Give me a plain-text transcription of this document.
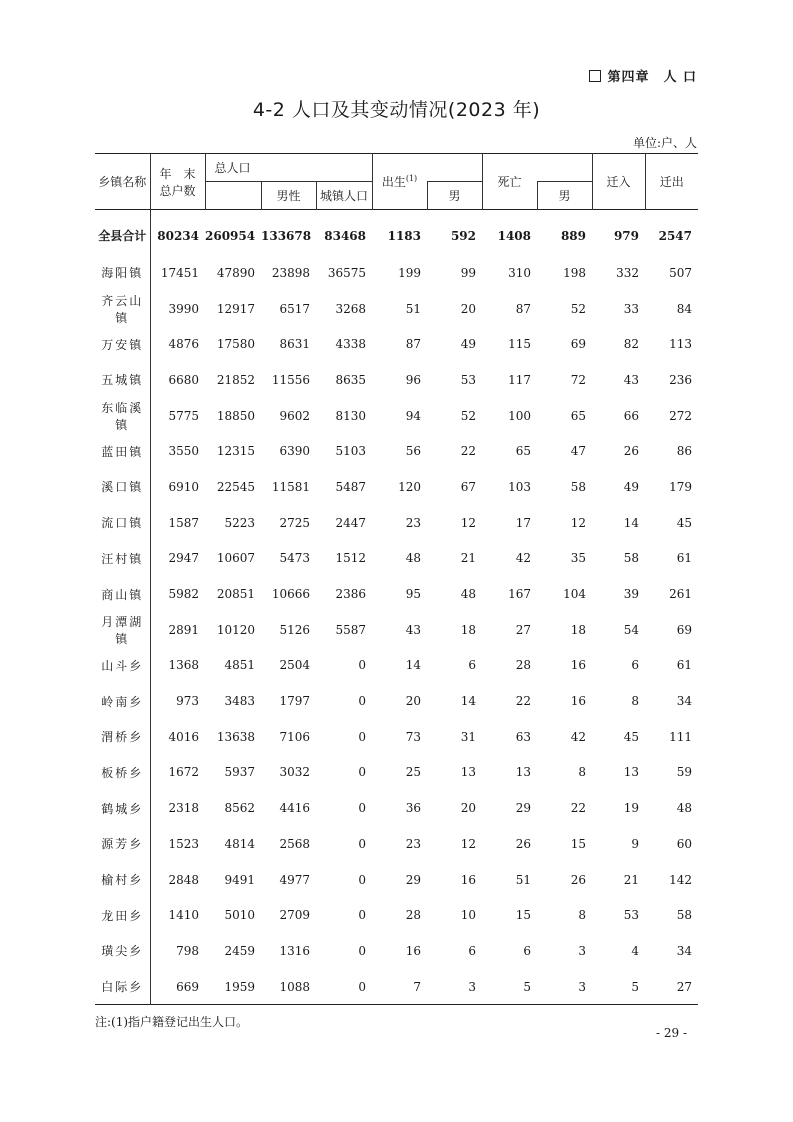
第四章　人 口
4-2 人口及其变动情况(2023 年)
单位:户、人
乡镇名称	年　末
总户数	总人口			出生$^{(1)}$		死亡		迁入	迁出
			男性	城镇人口		男		男		
全县合计	80234	260954	133678	83468	1183	592	1408	889	979	2547
海阳镇	17451	47890	23898	36575	199	99	310	198	332	507
齐云山镇	3990	12917	6517	3268	51	20	87	52	33	84
万安镇	4876	17580	8631	4338	87	49	115	69	82	113
五城镇	6680	21852	11556	8635	96	53	117	72	43	236
东临溪镇	5775	18850	9602	8130	94	52	100	65	66	272
蓝田镇	3550	12315	6390	5103	56	22	65	47	26	86
溪口镇	6910	22545	11581	5487	120	67	103	58	49	179
流口镇	1587	5223	2725	2447	23	12	17	12	14	45
汪村镇	2947	10607	5473	1512	48	21	42	35	58	61
商山镇	5982	20851	10666	2386	95	48	167	104	39	261
月潭湖镇	2891	10120	5126	5587	43	18	27	18	54	69
山斗乡	1368	4851	2504	0	14	6	28	16	6	61
岭南乡	973	3483	1797	0	20	14	22	16	8	34
渭桥乡	4016	13638	7106	0	73	31	63	42	45	111
板桥乡	1672	5937	3032	0	25	13	13	8	13	59
鹤城乡	2318	8562	4416	0	36	20	29	22	19	48
源芳乡	1523	4814	2568	0	23	12	26	15	9	60
榆村乡	2848	9491	4977	0	29	16	51	26	21	142
龙田乡	1410	5010	2709	0	28	10	15	8	53	58
璜尖乡	798	2459	1316	0	16	6	6	3	4	34
白际乡	669	1959	1088	0	7	3	5	3	5	27
注:(1)指户籍登记出生人口。
- 29 -
